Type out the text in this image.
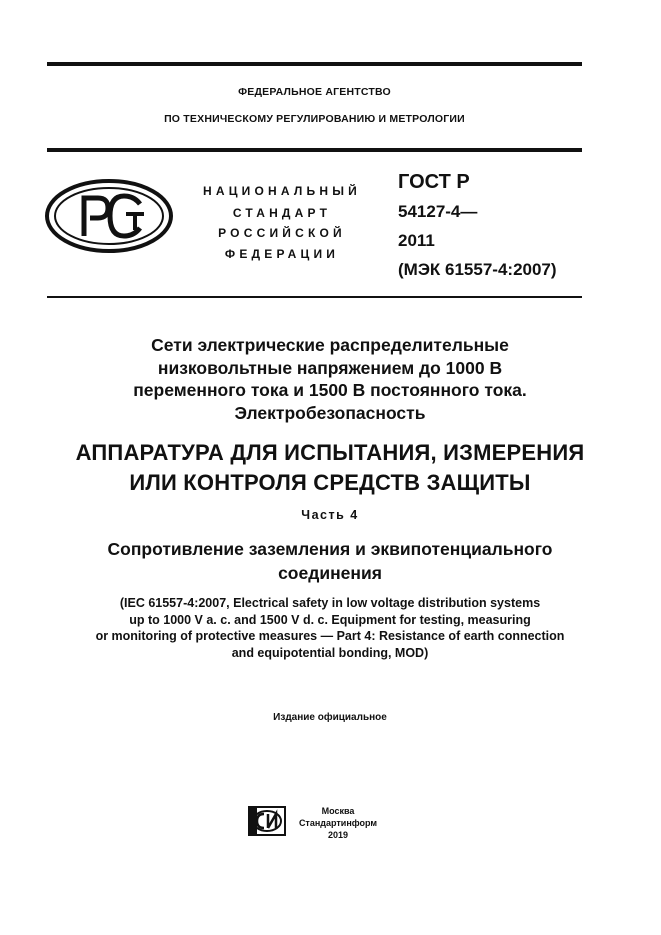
ФЕДЕРАЛЬНОЕ АГЕНТСТВО
ПО ТЕХНИЧЕСКОМУ РЕГУЛИРОВАНИЮ И МЕТРОЛОГИИ
НАЦИОНАЛЬНЫЙ
СТАНДАРТ
РОССИЙСКОЙ
ФЕДЕРАЦИИ
ГОСТ Р
54127-4—
2011
(МЭК 61557-4:2007)
Сети электрические распределительные
низковольтные напряжением до 1000 В
переменного тока и 1500 В постоянного тока.
Электробезопасность
АППАРАТУРА ДЛЯ ИСПЫТАНИЯ, ИЗМЕРЕНИЯ
ИЛИ КОНТРОЛЯ СРЕДСТВ ЗАЩИТЫ
Часть 4
Сопротивление заземления и эквипотенциального
соединения
(IEC 61557-4:2007, Electrical safety in low voltage distribution systems
up to 1000 V a. c. and 1500 V d. c. Equipment for testing, measuring
or monitoring of protective measures — Part 4: Resistance of earth connection
and equipotential bonding, MOD)
Издание официальное
Москва
Стандартинформ
2019
